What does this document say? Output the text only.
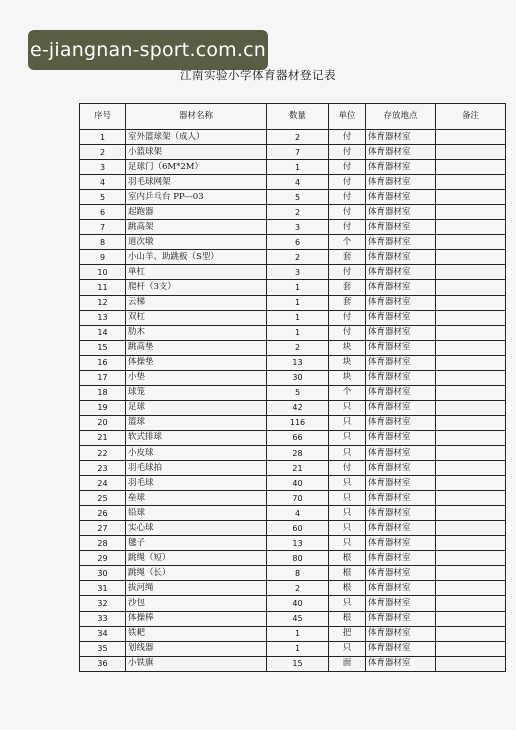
e-jiangnan-sport.com.cn
江南实验小学体育器材登记表
序号	器材名称	数量	单位	存放地点	备注
1	室外篮球架（成人）	2	付	体育器材室	
2	小篮球架	7	付	体育器材室	
3	足球门（6M*2M）	1	付	体育器材室	
4	羽毛球网架	4	付	体育器材室	
5	室内乒乓台 PP---03	5	付	体育器材室	
6	起跑器	2	付	体育器材室	
7	跳高架	3	付	体育器材室	
8	道次墩	6	个	体育器材室	
9	小山羊、助跳板（S型）	2	套	体育器材室	
10	单杠	3	付	体育器材室	
11	爬杆（3支）	1	套	体育器材室	
12	云梯	1	套	体育器材室	
13	双杠	1	付	体育器材室	
14	肋木	1	付	体育器材室	
15	跳高垫	2	块	体育器材室	
16	体操垫	13	块	体育器材室	
17	小垫	30	块	体育器材室	
18	球笼	5	个	体育器材室	
19	足球	42	只	体育器材室	
20	篮球	116	只	体育器材室	
21	软式排球	66	只	体育器材室	
22	小皮球	28	只	体育器材室	
23	羽毛球拍	21	付	体育器材室	
24	羽毛球	40	只	体育器材室	
25	垒球	70	只	体育器材室	
26	铅球	4	只	体育器材室	
27	实心球	60	只	体育器材室	
28	毽子	13	只	体育器材室	
29	跳绳（短）	80	根	体育器材室	
30	跳绳（长）	8	根	体育器材室	
31	拔河绳	2	根	体育器材室	
32	沙包	40	只	体育器材室	
33	体操棒	45	根	体育器材室	
34	铁耙	1	把	体育器材室	
35	划线器	1	只	体育器材室	
36	小铁旗	15	面	体育器材室	
